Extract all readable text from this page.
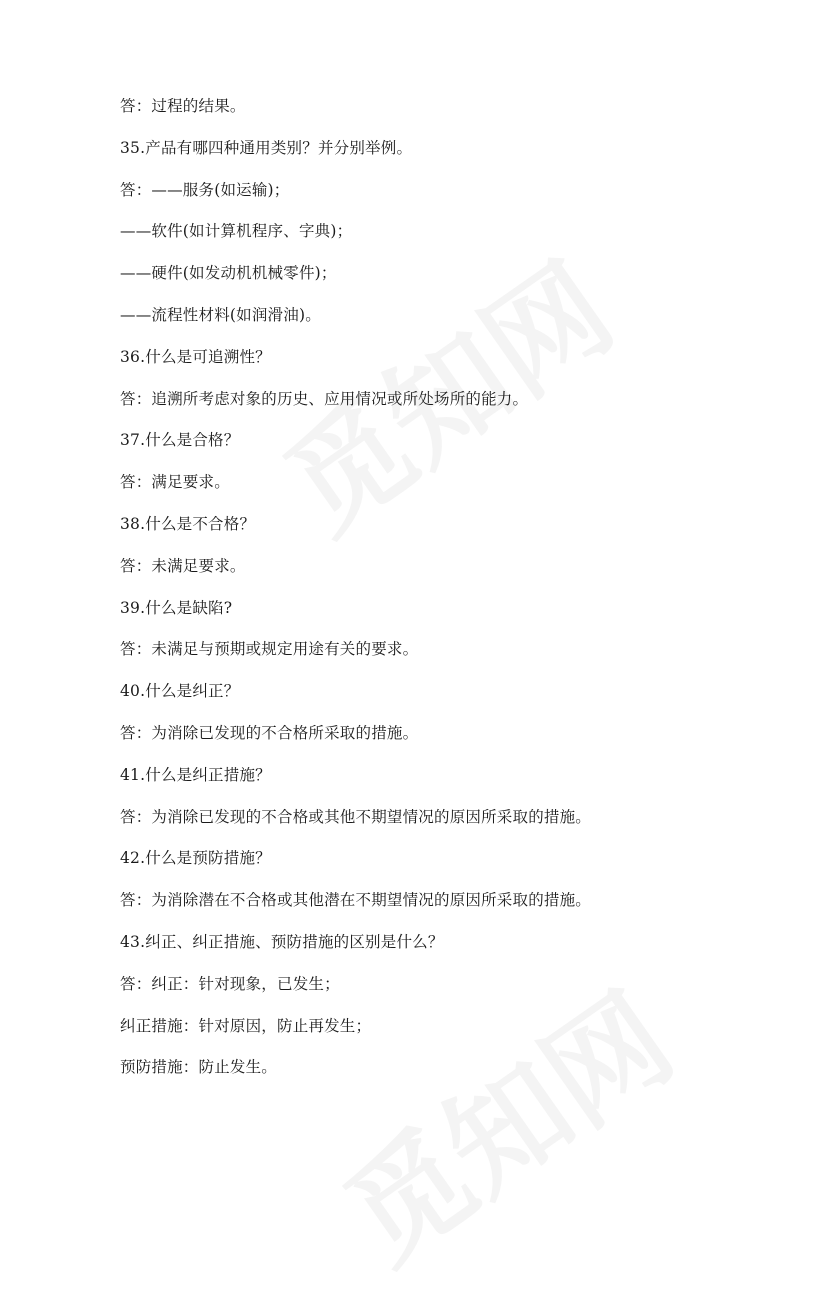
答：过程的结果。
35.产品有哪四种通用类别？并分别举例。
答：——服务(如运输)；
——软件(如计算机程序、字典)；
——硬件(如发动机机械零件)；
——流程性材料(如润滑油)。
36.什么是可追溯性？
答：追溯所考虑对象的历史、应用情况或所处场所的能力。
37.什么是合格？
答：满足要求。
38.什么是不合格？
答：未满足要求。
39.什么是缺陷?
答：未满足与预期或规定用途有关的要求。
40.什么是纠正？
答：为消除已发现的不合格所采取的措施。
41.什么是纠正措施？
答：为消除已发现的不合格或其他不期望情况的原因所采取的措施。
42.什么是预防措施？
答：为消除潜在不合格或其他潜在不期望情况的原因所采取的措施。
43.纠正、纠正措施、预防措施的区别是什么？
答：纠正：针对现象，已发生；
纠正措施：针对原因，防止再发生；
预防措施：防止发生。
